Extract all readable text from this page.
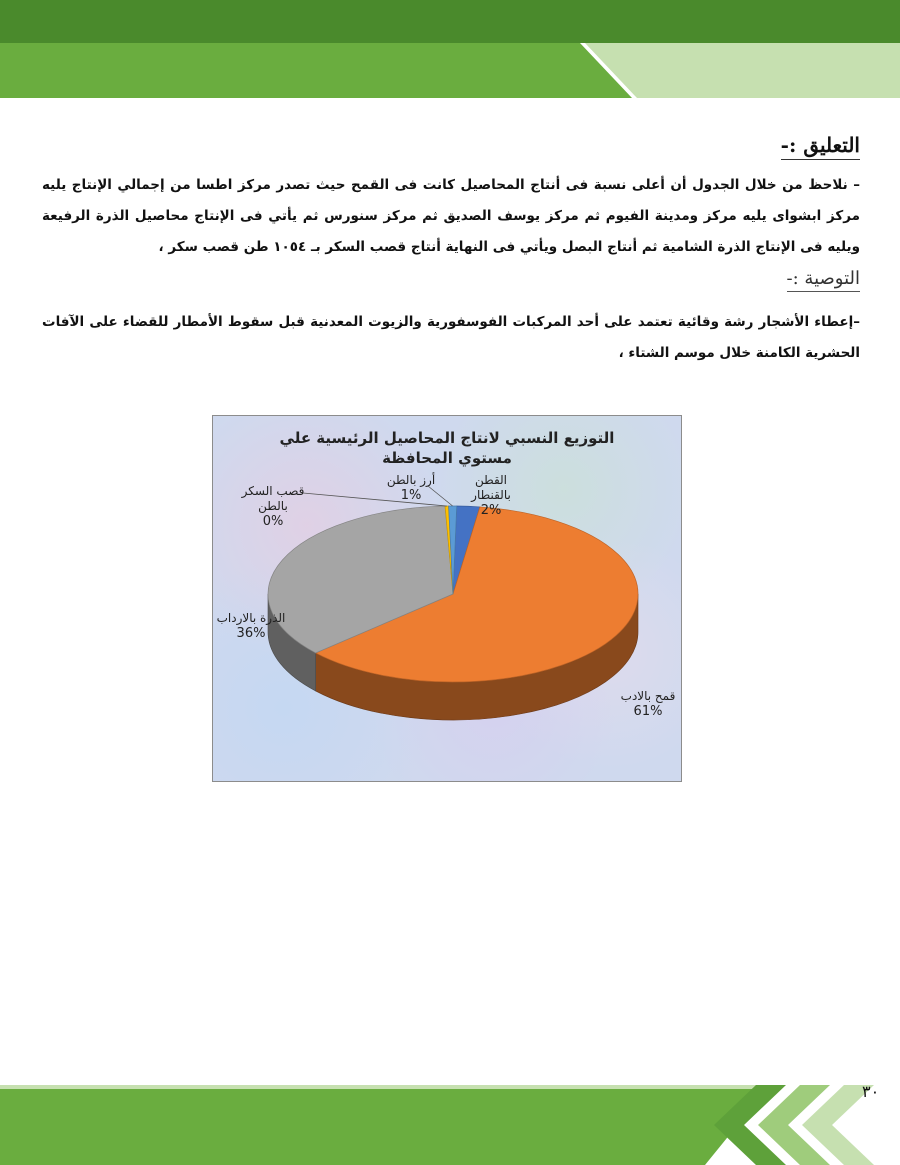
التعليق :-
– نلاحظ من خلال الجدول أن أعلى نسبة فى أنتاج المحاصيل كانت فى القمح حيث تصدر مركز اطسا من إجمالي الإنتاج يليه مركز ابشواى يليه مركز ومدينة الفيوم ثم مركز يوسف الصديق ثم مركز سنورس ثم يأتي فى الإنتاج محاصيل الذرة الرفيعة ويليه فى الإنتاج الذرة الشامية ثم أنتاج البصل ويأتي فى النهاية أنتاج قصب السكر بـ ١٠٥٤ طن قصب سكر ،
التوصية :-
–إعطاء الأشجار رشة وقائية تعتمد على أحد المركبات الفوسفورية والزيوت المعدنية قبل سقوط الأمطار للقضاء على الآفات الحشرية الكامنة خلال موسم الشتاء ،
التوزيع النسبي لانتاج المحاصيل الرئيسية علي مستوي المحافظة
القطن بالقنطار
2%
أرز بالطن
1%
قصب السكر بالطن
0%
الذرة بالارداب
36%
قمح بالادب
61%
٣٠
